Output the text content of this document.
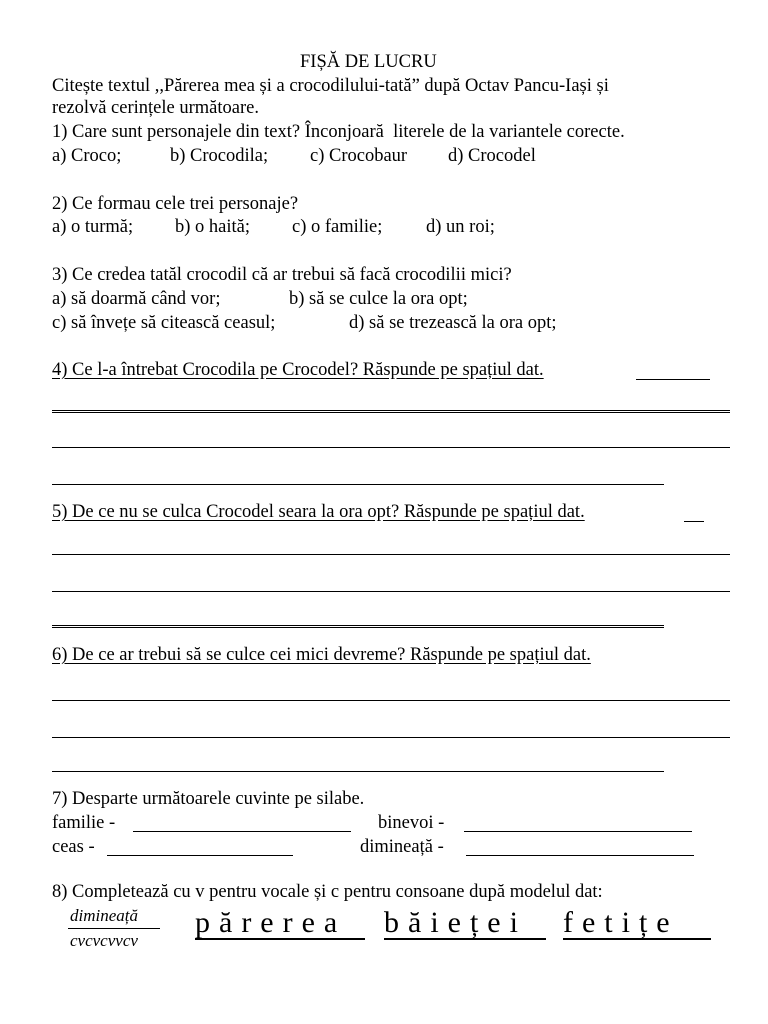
FIȘĂ DE LUCRU
Citește textul ,,Părerea mea și a crocodilului-tată” după Octav Pancu-Iași și
rezolvă cerințele următoare.
1) Care sunt personajele din text? Înconjoară  literele de la variantele corecte.
a) Croco;	b) Crocodila; c) Crocobaur d) Crocodel
2) Ce formau cele trei personaje?
a) o turmă; b) o haită; c) o familie; d) un roi;
3) Ce credea tatăl crocodil că ar trebui să facă crocodilii mici?
a) să doarmă când vor;	b) să se culce la ora opt;
c) să învețe să citească ceasul;	d) să se trezească la ora opt;
4) Ce l-a întrebat Crocodila pe Crocodel? Răspunde pe spațiul dat.
5) De ce nu se culca Crocodel seara la ora opt? Răspunde pe spațiul dat.
6) De ce ar trebui să se culce cei mici devreme? Răspunde pe spațiul dat.
7) Desparte următoarele cuvinte pe silabe.
familie -	binevoi -
ceas -	dimineață -
8) Completează cu v pentru vocale și c pentru consoane după modelul dat:
dimineață
cvcvcvvcv
părerea băieței fetițe
